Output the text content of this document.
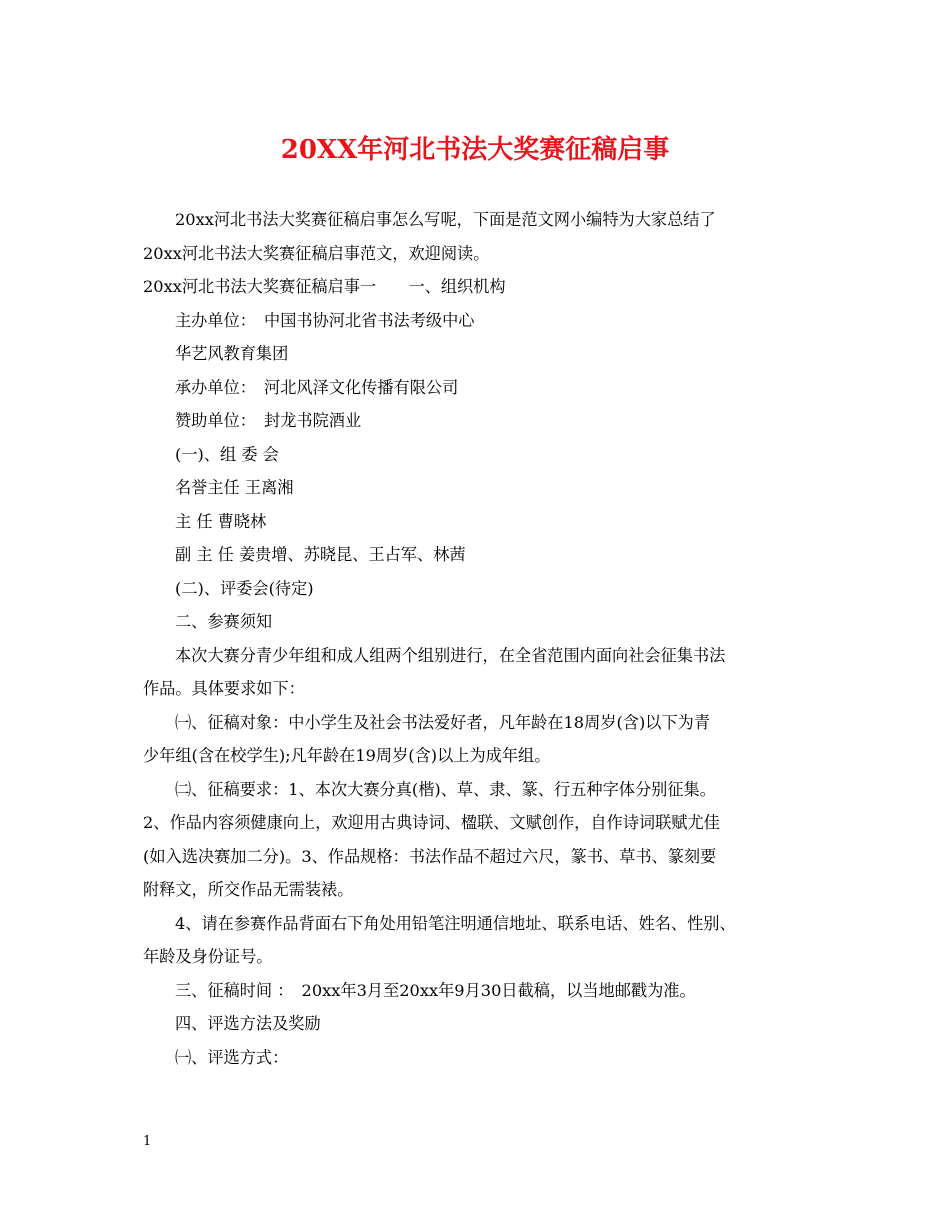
20XX年河北书法大奖赛征稿启事

20xx河北书法大奖赛征稿启事怎么写呢，下面是范文网小编特为大家总结了

20xx河北书法大奖赛征稿启事范文，欢迎阅读。

20xx河北书法大奖赛征稿启事一　　一、组织机构

主办单位：　中国书协河北省书法考级中心

华艺风教育集团

承办单位：　河北风泽文化传播有限公司

赞助单位：　封龙书院酒业

(一)、组 委 会

名誉主任 王离湘

主 任 曹晓林

副 主 任 姜贵增、苏晓昆、王占军、林茜

(二)、评委会(待定)

二、参赛须知

本次大赛分青少年组和成人组两个组别进行，在全省范围内面向社会征集书法

作品。具体要求如下：

㈠、征稿对象：中小学生及社会书法爱好者，凡年龄在18周岁(含)以下为青

少年组(含在校学生);凡年龄在19周岁(含)以上为成年组。

㈡、征稿要求：1、本次大赛分真(楷)、草、隶、篆、行五种字体分别征集。

2、作品内容须健康向上，欢迎用古典诗词、楹联、文赋创作，自作诗词联赋尤佳

(如入选决赛加二分)。3、作品规格：书法作品不超过六尺，篆书、草书、篆刻要

附释文，所交作品无需装裱。

4、请在参赛作品背面右下角处用铅笔注明通信地址、联系电话、姓名、性别、

年龄及身份证号。

三、征稿时间 ：　20xx年3月至20xx年9月30日截稿，以当地邮戳为准。

四、评选方法及奖励

㈠、评选方式：

1
